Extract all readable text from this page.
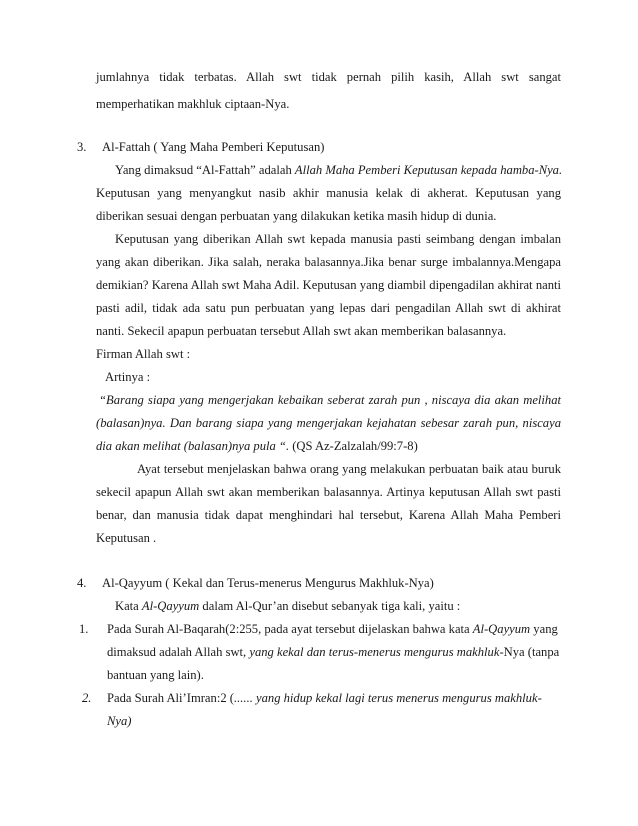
jumlahnya tidak terbatas. Allah swt tidak pernah pilih kasih, Allah swt sangat
memperhatikan makhluk ciptaan-Nya.
3. Al-Fattah ( Yang Maha Pemberi Keputusan)
Yang dimaksud “Al-Fattah” adalah Allah Maha Pemberi Keputusan kepada hamba-Nya.
Keputusan yang menyangkut nasib akhir manusia kelak di akherat. Keputusan yang
diberikan sesuai dengan perbuatan yang dilakukan ketika masih hidup di dunia.
Keputusan yang diberikan Allah swt kepada manusia pasti seimbang dengan imbalan
yang akan diberikan. Jika salah, neraka balasannya.Jika benar surge imbalannya.Mengapa
demikian? Karena Allah swt Maha Adil. Keputusan yang diambil dipengadilan akhirat nanti
pasti adil, tidak ada satu pun perbuatan yang lepas dari pengadilan Allah swt di akhirat
nanti. Sekecil apapun perbuatan tersebut Allah swt akan memberikan balasannya.
Firman Allah swt :
Artinya :
“Barang siapa yang mengerjakan kebaikan seberat zarah pun , niscaya dia akan melihat
(balasan)nya. Dan barang siapa yang mengerjakan kejahatan sebesar zarah pun, niscaya
dia akan melihat (balasan)nya pula “. (QS Az-Zalzalah/99:7-8)
Ayat tersebut menjelaskan bahwa orang yang melakukan perbuatan baik atau buruk
sekecil apapun Allah swt akan memberikan balasannya. Artinya keputusan Allah swt pasti
benar, dan manusia tidak dapat menghindari hal tersebut, Karena Allah Maha Pemberi
Keputusan .
4. Al-Qayyum ( Kekal dan Terus-menerus Mengurus Makhluk-Nya)
Kata Al-Qayyum dalam Al-Qur’an disebut sebanyak tiga kali, yaitu :
1. Pada Surah Al-Baqarah(2:255, pada ayat tersebut dijelaskan bahwa kata Al-Qayyum yang
dimaksud adalah Allah swt, yang kekal dan terus-menerus mengurus makhluk-Nya (tanpa
bantuan yang lain).
2. Pada Surah Ali’Imran:2 (...... yang hidup kekal lagi terus menerus mengurus makhluk-
Nya)
